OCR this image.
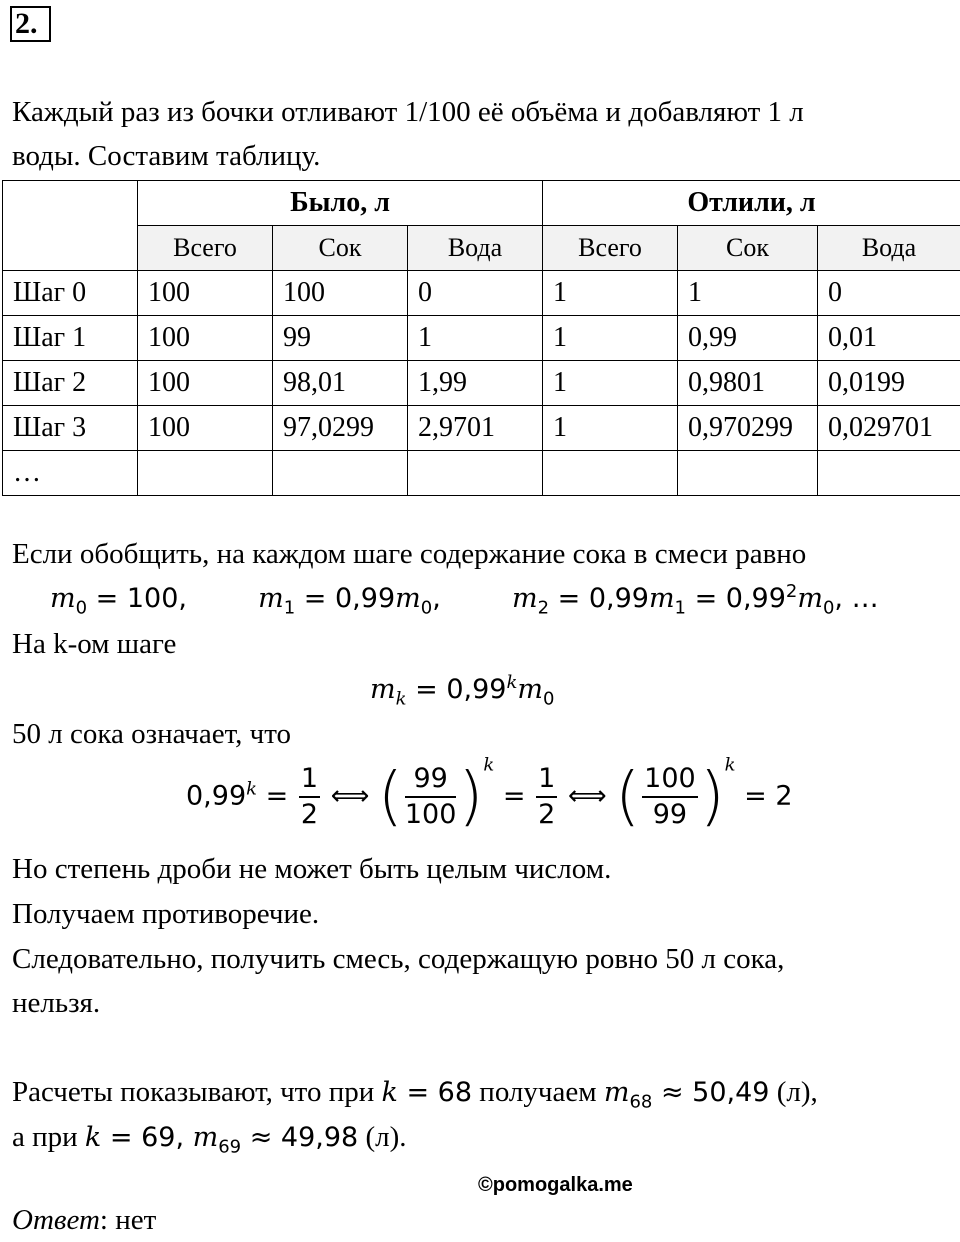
2.
Каждый раз из бочки отливают 1/100 её объёма и добавляют 1 л
воды. Составим таблицу.
	Было, л			Отлили, л		
	Всего	Сок	Вода	Всего	Сок	Вода
Шаг 0	100	100	0	1	1	0
Шаг 1	100	99	1	1	0,99	0,01
Шаг 2	100	98,01	1,99	1	0,9801	0,0199
Шаг 3	100	97,0299	2,9701	1	0,970299	0,029701
…						
Если обобщить, на каждом шаге содержание сока в смеси равно
$m_0 = 100$,	$m_1 = 0,99m_0$,	$m_2 = 0,99m_1 = 0,99^2m_0$, …
На k-ом шаге
$m_k = 0,99^km_0$
50 л сока означает, что
$0,99^k = \frac{1}{2}$ ⟺ ( $\frac{99}{100} )^k = \frac{1}{2}$ ⟺ ( $\frac{100}{99} )^k = 2$
Но степень дроби не может быть целым числом.
Получаем противоречие.
Следовательно, получить смесь, содержащую ровно 50 л сока,
нельзя.
Расчеты показывают, что при k = 68 получаем $m_{68} \approx 50,49$ (л),
а при k = 69, $m_{69} \approx 49,98$ (л).
©pomogalka.me
Ответ: нет
